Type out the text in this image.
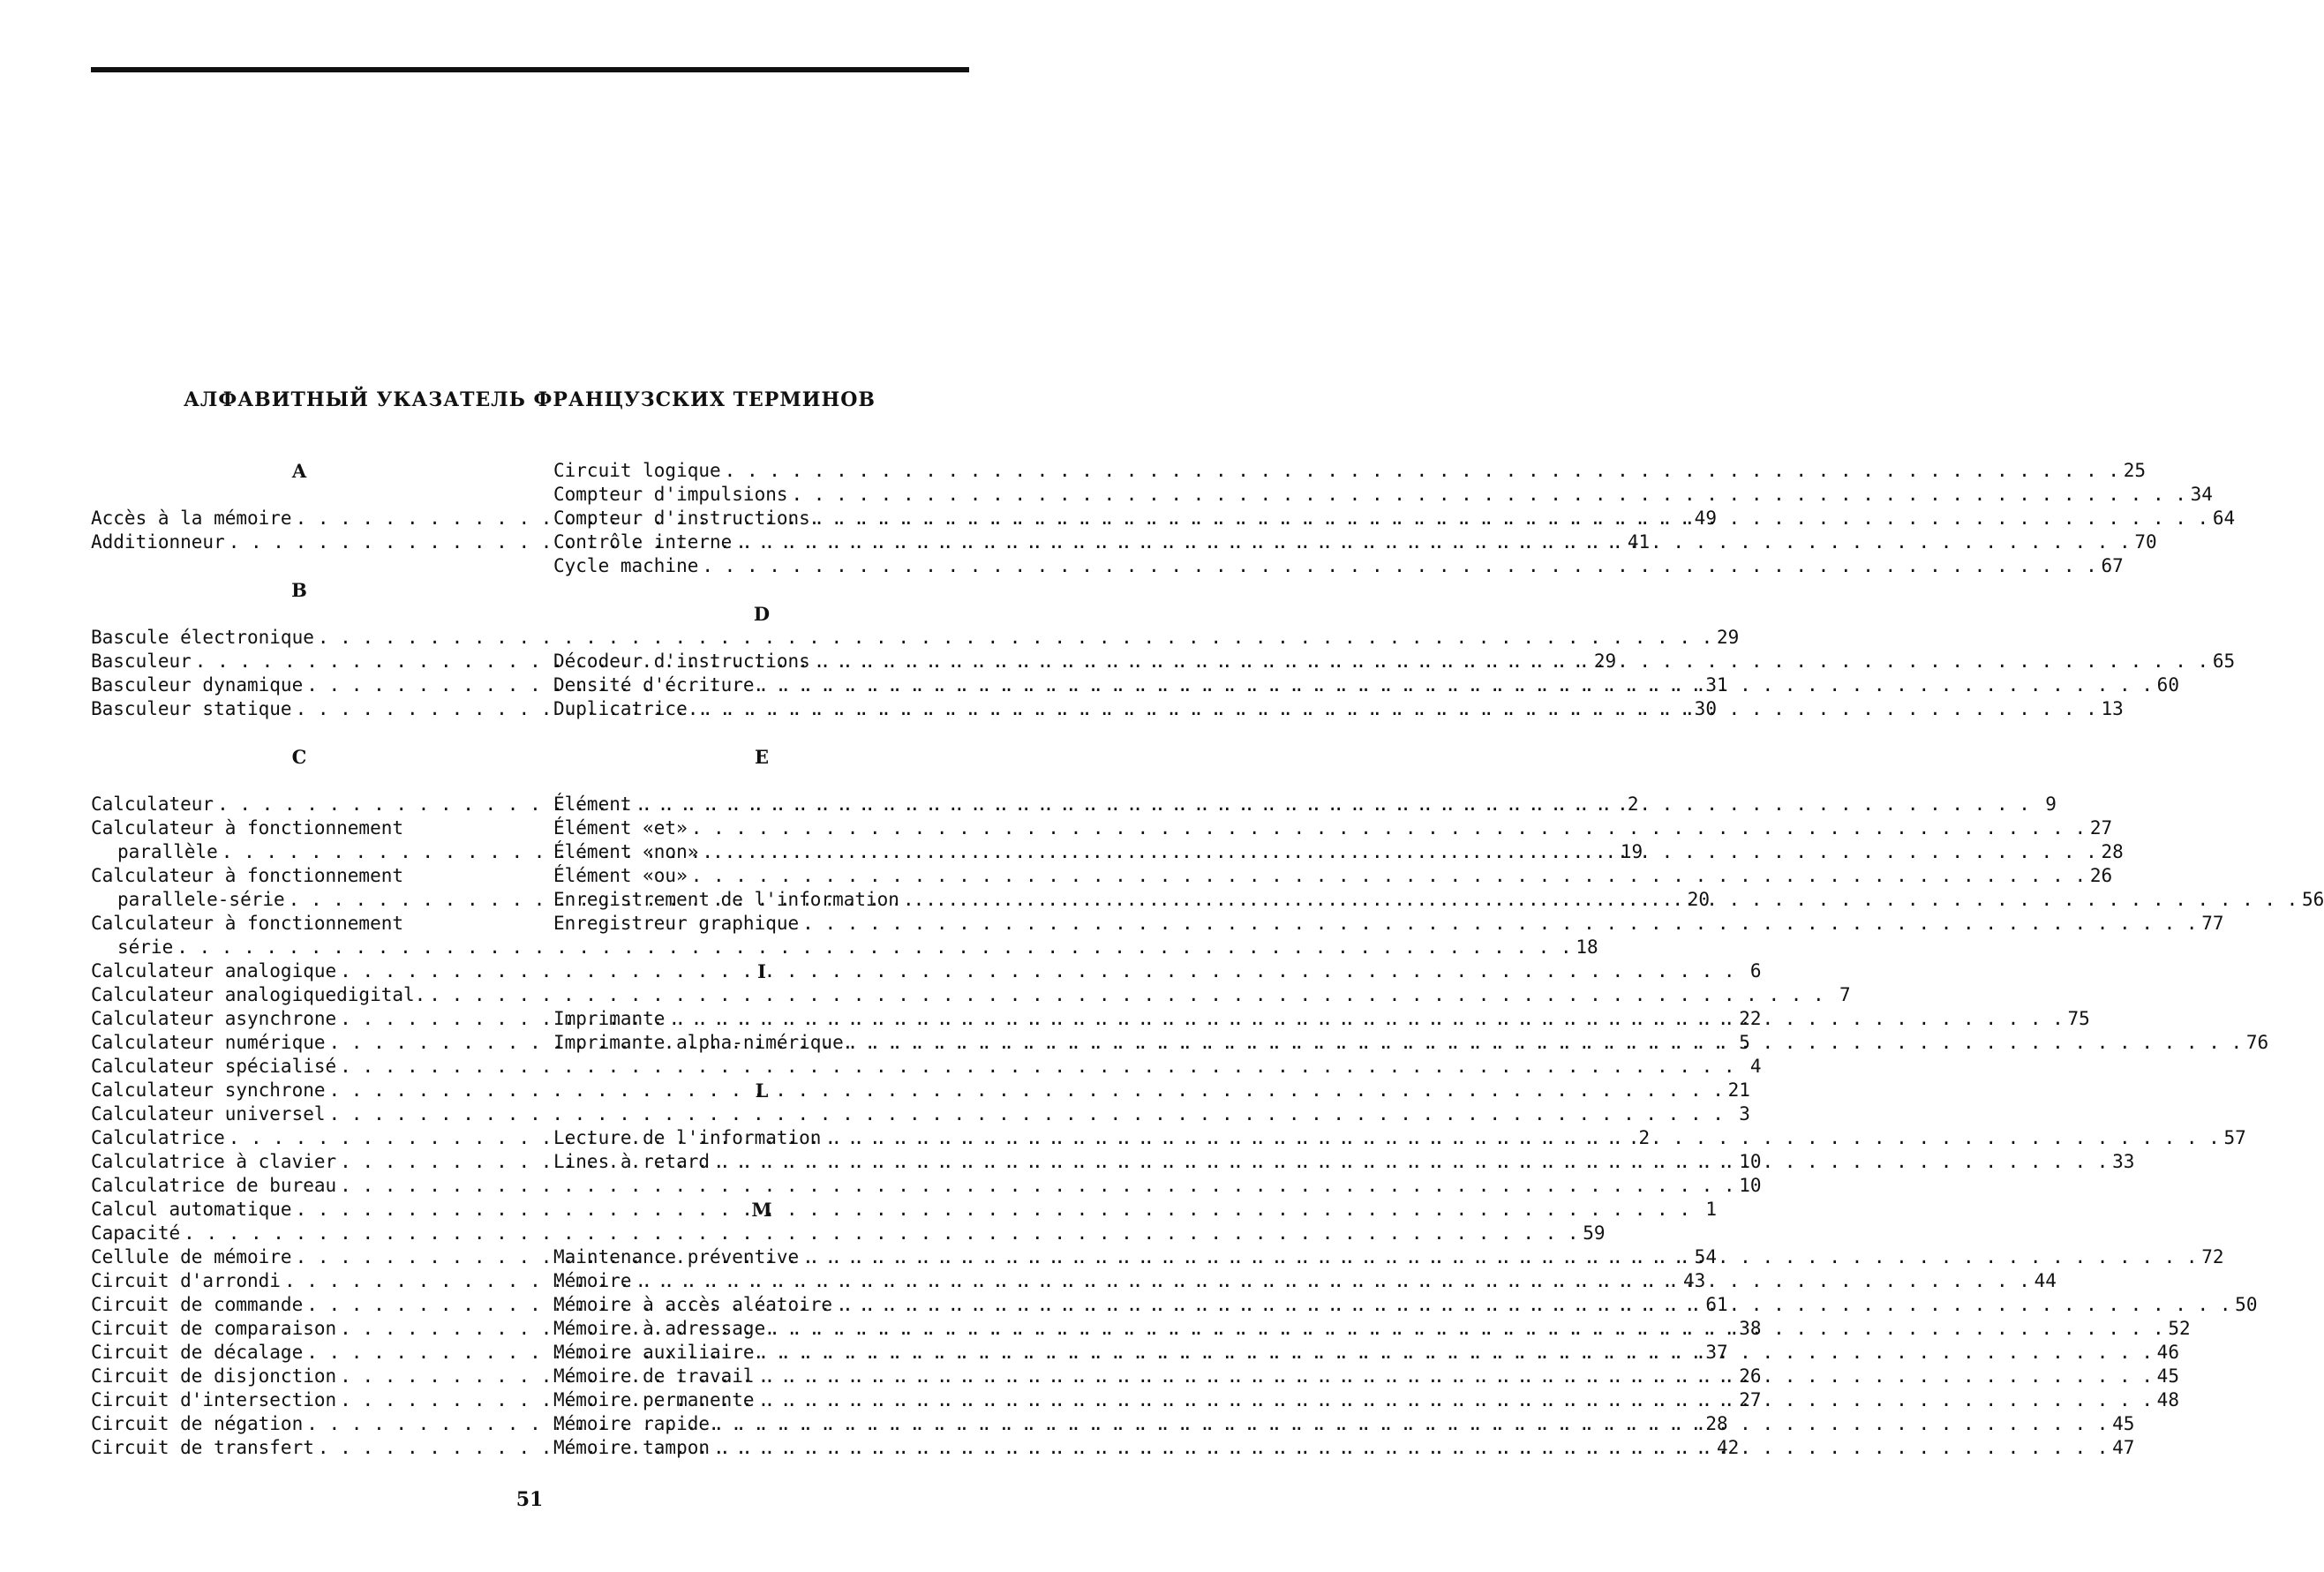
АЛФАВИТНЫЙ УКАЗАТЕЛЬ ФРАНЦУЗСКИХ ТЕРМИНОВ
A
Accès à la mémoire . . .	49
Additionneur . . .	41
B
Bascule électronique . . .	29
Basculeur . . .	29
Basculeur dynamique . . .	31
Basculeur statique . . .	30
C
Calculateur . . .	2
Calculateur à fonctionnement
parallèle . . .	19
Calculateur à fonctionnement
parallele-série . . .	20
Calculateur à fonctionnement
série . . .	18
Calculateur analogique . . .	6
Calculateur analogiquedigital. . . .	7
Calculateur asynchrone . . .	22
Calculateur numérique . . .	5
Calculateur spécialisé . . .	4
Calculateur synchrone . . .	21
Calculateur universel . . .	3
Calculatrice . . .	2
Calculatrice à clavier . . .	10
Calculatrice de bureau . . .	10
Calcul automatique . . .	1
Capacité . . .	59
Cellule de mémoire . . .	54
Circuit d'arrondi . . .	43
Circuit de commande . . .	61
Circuit de comparaison . . .	38
Circuit de décalage . . .	37
Circuit de disjonction . . .	26
Circuit d'intersection . . .	27
Circuit de négation . . .	28
Circuit de transfert . . .	42
Circuit logique . . .	25
Compteur d'impulsions . . .	34
Compteur d'instructions . . .	64
Contrôle interne . . .	70
Cycle machine . . .	67
D
Décodeur d'instructions . . .	65
Densité d'écriture . . .	60
Duplicatrice. . . .	13
E
Élément . . .	9
Élément «et» . . .	27
Élément «non» . . .	28
Élément «ou» . . .	26
Enregistrement de l'information . . .	56
Enregistreur graphique . . .	77
I
Imprimante . . .	75
Imprimante alpha-nimérique . . .	76
L
Lecture de l'information . . .	57
Lines à retard . . .	33
M
Maintenance préventive . . .	72
Mémoire . . .	44
Mémoire à accès aléatoire . . .	50
Mémoire à adressage . . .	52
Mémoire auxiliaire . . .	46
Mémoire de travail . . .	45
Mémoire permanente . . .	48
Mémoire rapide . . .	45
Mémoire tampon . . .	47
51
